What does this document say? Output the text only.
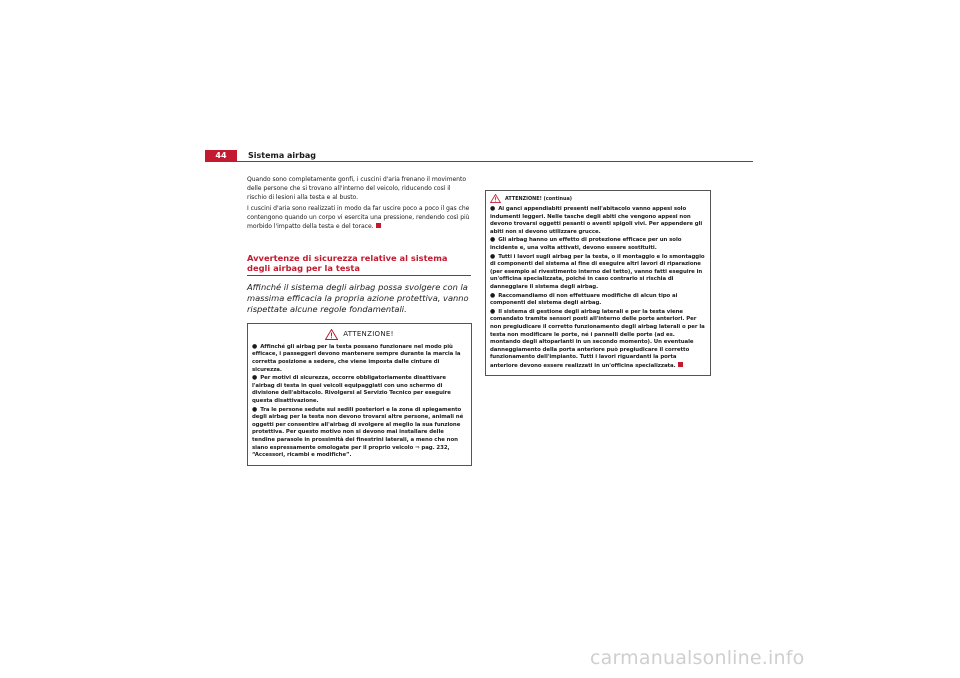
44	Sistema airbag

Quando sono completamente gonfi, i cuscini d'aria frenano il movimento delle persone che si trovano all'interno del veicolo, riducendo così il rischio di lesioni alla testa e al busto.

I cuscini d'aria sono realizzati in modo da far uscire poco a poco il gas che contengono quando un corpo vi esercita una pressione, rendendo così più morbido l'impatto della testa e del torace.

Avvertenze di sicurezza relative al sistema degli airbag per la testa
Affinché il sistema degli airbag possa svolgere con la massima efficacia la propria azione protettiva, vanno rispettate alcune regole fondamentali.
ATTENZIONE!

● Affinché gli airbag per la testa possano funzionare nel modo più efficace, i passeggeri devono mantenere sempre durante la marcia la corretta posizione a sedere, che viene imposta dalle cinture di sicurezza.

● Per motivi di sicurezza, occorre obbligatoriamente disattivare l'airbag di testa in quei veicoli equipaggiati con uno schermo di divisione dell'abitacolo. Rivolgersi al Servizio Tecnico per eseguire questa disattivazione.

● Tra le persone sedute sui sedili posteriori e la zona di spiegamento degli airbag per la testa non devono trovarsi altre persone, animali né oggetti per consentire all'airbag di svolgere al meglio la sua funzione protettiva. Per questo motivo non si devono mai installare delle tendine parasole in prossimità dei finestrini laterali, a meno che non siano espressamente omologate per il proprio veicolo ⇒ pag. 232, “Accessori, ricambi e modifiche”.

ATTENZIONE! (continua)

● Ai ganci appendiabiti presenti nell'abitacolo vanno appesi solo indumenti leggeri. Nelle tasche degli abiti che vengono appesi non devono trovarsi oggetti pesanti o aventi spigoli vivi. Per appendere gli abiti non si devono utilizzare grucce.

● Gli airbag hanno un effetto di protezione efficace per un solo incidente e, una volta attivati, devono essere sostituiti.

● Tutti i lavori sugli airbag per la testa, o il montaggio e lo smontaggio di componenti del sistema al fine di eseguire altri lavori di riparazione (per esempio al rivestimento interno del tetto), vanno fatti eseguire in un'officina specializzata, poiché in caso contrario si rischia di danneggiare il sistema degli airbag.

● Raccomandiamo di non effettuare modifiche di alcun tipo ai componenti del sistema degli airbag.

● Il sistema di gestione degli airbag laterali e per la testa viene comandato tramite sensori posti all'interno delle porte anteriori. Per non pregiudicare il corretto funzionamento degli airbag laterali o per la testa non modificare le porte, né i pannelli delle porte (ad es. montando degli altoparlanti in un secondo momento). Un eventuale danneggiamento della porta anteriore può pregiudicare il corretto funzionamento dell'impianto. Tutti i lavori riguardanti la porta anteriore devono essere realizzati in un'officina specializzata.

carmanualsonline.info
